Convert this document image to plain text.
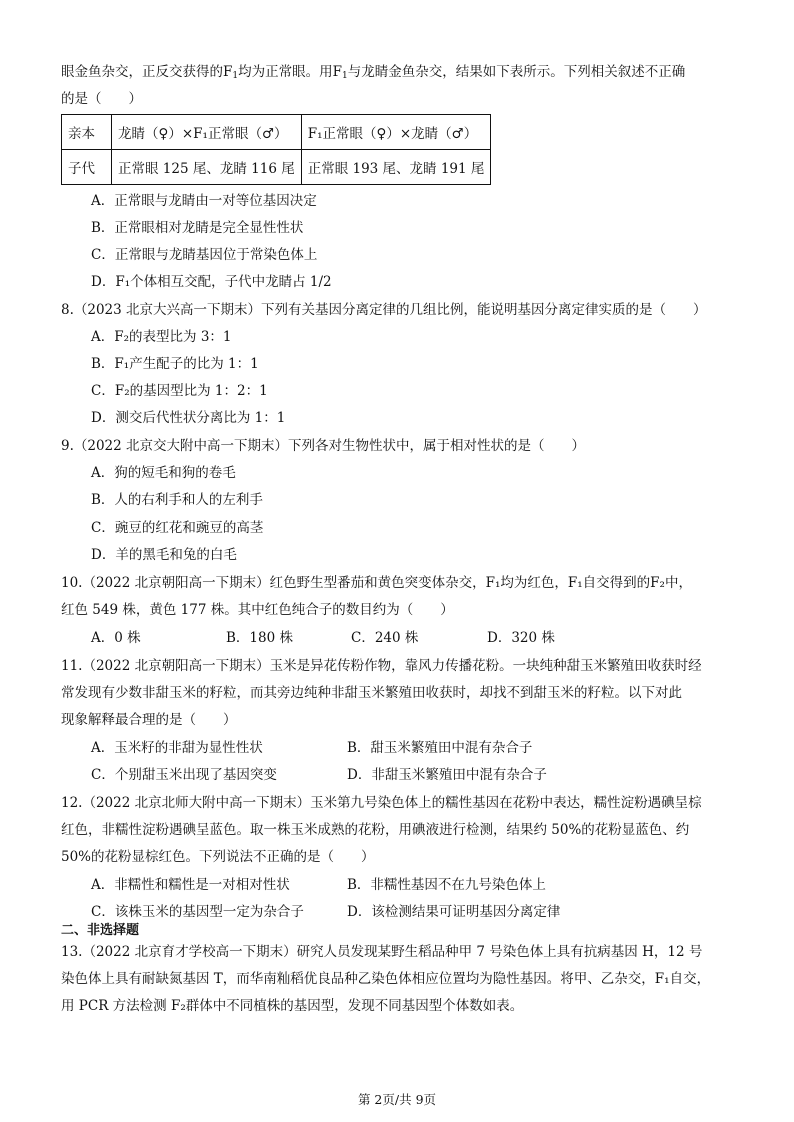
眼金鱼杂交，正反交获得的$F_1$均为正常眼。用$F_1$与龙睛金鱼杂交，结果如下表所示。下列相关叙述不正确
的是（　　）
亲本	龙睛（♀）×F₁正常眼（♂）	F₁正常眼（♀）×龙睛（♂）
子代	正常眼 125 尾、龙睛 116 尾	正常眼 193 尾、龙睛 191 尾
A．正常眼与龙睛由一对等位基因决定
B．正常眼相对龙睛是完全显性性状
C．正常眼与龙睛基因位于常染色体上
D．F₁个体相互交配，子代中龙睛占 1/2
8.（2023 北京大兴高一下期末）下列有关基因分离定律的几组比例，能说明基因分离定律实质的是（　　）
A．F₂的表型比为 3：1
B．F₁产生配子的比为 1：1
C．F₂的基因型比为 1：2：1
D．测交后代性状分离比为 1：1
9.（2022 北京交大附中高一下期末）下列各对生物性状中，属于相对性状的是（　　）
A．狗的短毛和狗的卷毛
B．人的右利手和人的左利手
C．豌豆的红花和豌豆的高茎
D．羊的黑毛和兔的白毛
10.（2022 北京朝阳高一下期末）红色野生型番茄和黄色突变体杂交，F₁均为红色，F₁自交得到的F₂中，
红色 549 株，黄色 177 株。其中红色纯合子的数目约为（　　）
A．0 株	B．180 株	C．240 株	D．320 株
11.（2022 北京朝阳高一下期末）玉米是异花传粉作物，靠风力传播花粉。一块纯种甜玉米繁殖田收获时经
常发现有少数非甜玉米的籽粒，而其旁边纯种非甜玉米繁殖田收获时，却找不到甜玉米的籽粒。以下对此
现象解释最合理的是（　　）
A．玉米籽的非甜为显性性状	B．甜玉米繁殖田中混有杂合子
C．个别甜玉米出现了基因突变	D．非甜玉米繁殖田中混有杂合子
12.（2022 北京北师大附中高一下期末）玉米第九号染色体上的糯性基因在花粉中表达，糯性淀粉遇碘呈棕
红色，非糯性淀粉遇碘呈蓝色。取一株玉米成熟的花粉，用碘液进行检测，结果约 50%的花粉显蓝色、约
50%的花粉显棕红色。下列说法不正确的是（　　）
A．非糯性和糯性是一对相对性状	B．非糯性基因不在九号染色体上
C．该株玉米的基因型一定为杂合子	D．该检测结果可证明基因分离定律
二、非选择题
13.（2022 北京育才学校高一下期末）研究人员发现某野生稻品种甲 7 号染色体上具有抗病基因 H，12 号
染色体上具有耐缺氮基因 T，而华南籼稻优良品种乙染色体相应位置均为隐性基因。将甲、乙杂交，F₁自交，
用 PCR 方法检测 F₂群体中不同植株的基因型，发现不同基因型个体数如表。
第 2页/共 9页
